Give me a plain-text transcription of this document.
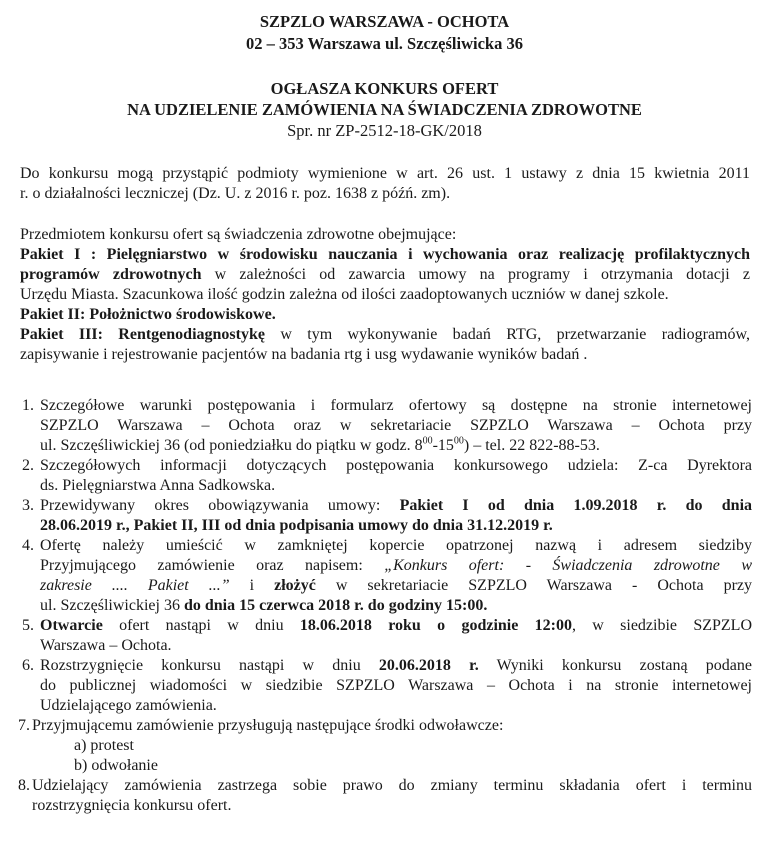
SZPZLO WARSZAWA - OCHOTA
02 – 353 Warszawa ul. Szczęśliwicka 36
OGŁASZA KONKURS OFERT
NA UDZIELENIE ZAMÓWIENIA NA ŚWIADCZENIA ZDROWOTNE
Spr. nr ZP-2512-18-GK/2018

Do konkursu mogą przystąpić podmioty wymienione w art. 26 ust. 1 ustawy z dnia 15 kwietnia 2011

r. o działalności leczniczej (Dz. U. z 2016 r. poz. 1638 z późń. zm).

Przedmiotem konkursu ofert są świadczenia zdrowotne obejmujące:

Pakiet I : Pielęgniarstwo w środowisku nauczania i wychowania oraz realizację profilaktycznych

programów zdrowotnych w zależności od zawarcia umowy na programy i otrzymania dotacji z

Urzędu Miasta. Szacunkowa ilość godzin zależna od ilości zaadoptowanych uczniów w danej szkole.

Pakiet II: Położnictwo środowiskowe.

Pakiet III: Rentgenodiagnostykę w tym wykonywanie badań RTG, przetwarzanie radiogramów,

zapisywanie i rejestrowanie pacjentów na badania rtg i usg wydawanie wyników badań .

1. Szczegółowe warunki postępowania i formularz ofertowy są dostępne na stronie internetowej
SZPZLO Warszawa – Ochota oraz w sekretariacie SZPZLO Warszawa – Ochota przy
ul. Szczęśliwickiej 36 (od poniedziałku do piątku w godz. $8^{00}-15^{00}$) – tel. 22 822-88-53.
2. Szczegółowych informacji dotyczących postępowania konkursowego udziela: Z-ca Dyrektora
ds. Pielęgniarstwa Anna Sadkowska.
3. Przewidywany okres obowiązywania umowy: Pakiet I od dnia 1.09.2018 r. do dnia
28.06.2019 r., Pakiet II, III od dnia podpisania umowy do dnia 31.12.2019 r.
4. Ofertę należy umieścić w zamkniętej kopercie opatrzonej nazwą i adresem siedziby
Przyjmującego zamówienie oraz napisem: „Konkurs ofert: - Świadczenia zdrowotne w
zakresie .... Pakiet ...” i złożyć w sekretariacie SZPZLO Warszawa - Ochota przy
ul. Szczęśliwickiej 36 do dnia 15 czerwca 2018 r. do godziny 15:00.
5. Otwarcie ofert nastąpi w dniu 18.06.2018 roku o godzinie 12:00, w siedzibie SZPZLO
Warszawa – Ochota.
6. Rozstrzygnięcie konkursu nastąpi w dniu 20.06.2018 r. Wyniki konkursu zostaną podane
do publicznej wiadomości w siedzibie SZPZLO Warszawa – Ochota i na stronie internetowej
Udzielającego zamówienia.
7. Przyjmującemu zamówienie przysługują następujące środki odwoławcze:
a) protest
b) odwołanie
8. Udzielający zamówienia zastrzega sobie prawo do zmiany terminu składania ofert i terminu
rozstrzygnięcia konkursu ofert.
